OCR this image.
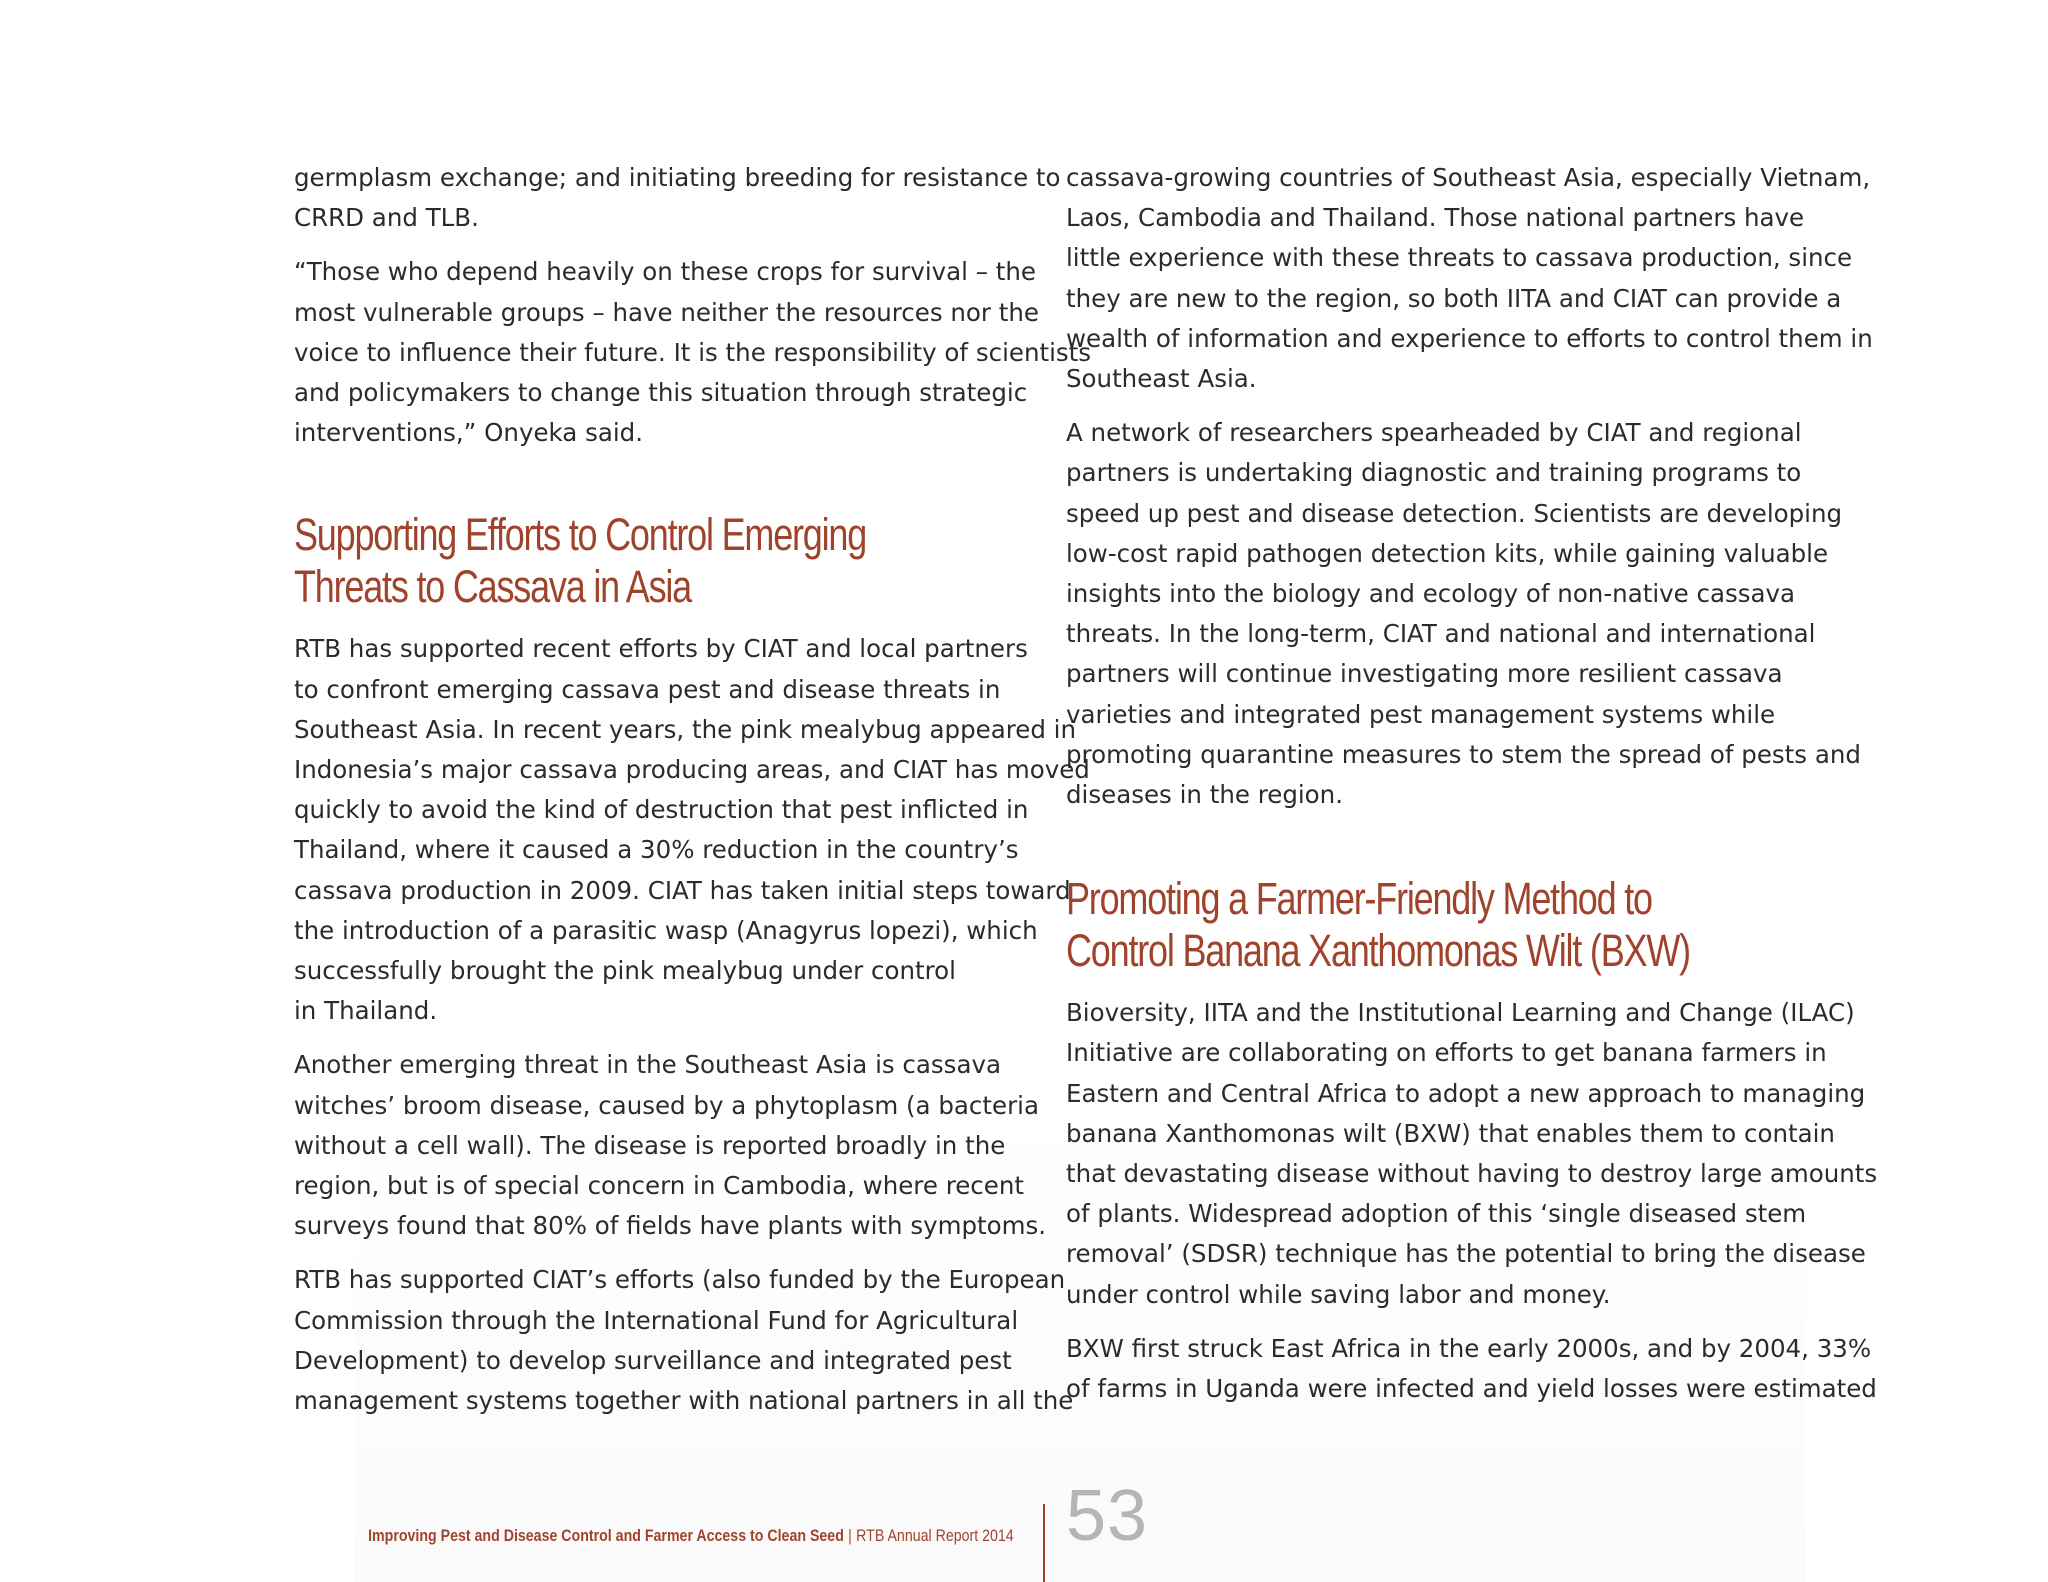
germplasm exchange; and initiating breeding for resistance to
CRRD and TLB.

“Those who depend heavily on these crops for survival – the
most vulnerable groups – have neither the resources nor the
voice to influence their future. It is the responsibility of scientists
and policymakers to change this situation through strategic
interventions,” Onyeka said.

Supporting Efforts to Control Emerging
Threats to Cassava in Asia

RTB has supported recent efforts by CIAT and local partners
to confront emerging cassava pest and disease threats in
Southeast Asia. In recent years, the pink mealybug appeared in
Indonesia’s major cassava producing areas, and CIAT has moved
quickly to avoid the kind of destruction that pest inflicted in
Thailand, where it caused a 30% reduction in the country’s
cassava production in 2009. CIAT has taken initial steps toward
the introduction of a parasitic wasp (Anagyrus lopezi), which
successfully brought the pink mealybug under control
in Thailand.

Another emerging threat in the Southeast Asia is cassava
witches’ broom disease, caused by a phytoplasm (a bacteria
without a cell wall). The disease is reported broadly in the
region, but is of special concern in Cambodia, where recent
surveys found that 80% of fields have plants with symptoms.

RTB has supported CIAT’s efforts (also funded by the European
Commission through the International Fund for Agricultural
Development) to develop surveillance and integrated pest
management systems together with national partners in all the

cassava-growing countries of Southeast Asia, especially Vietnam,
Laos, Cambodia and Thailand. Those national partners have
little experience with these threats to cassava production, since
they are new to the region, so both IITA and CIAT can provide a
wealth of information and experience to efforts to control them in
Southeast Asia.

A network of researchers spearheaded by CIAT and regional
partners is undertaking diagnostic and training programs to
speed up pest and disease detection. Scientists are developing
low-cost rapid pathogen detection kits, while gaining valuable
insights into the biology and ecology of non-native cassava
threats. In the long-term, CIAT and national and international
partners will continue investigating more resilient cassava
varieties and integrated pest management systems while
promoting quarantine measures to stem the spread of pests and
diseases in the region.

Promoting a Farmer-Friendly Method to
Control Banana Xanthomonas Wilt (BXW)

Bioversity, IITA and the Institutional Learning and Change (ILAC)
Initiative are collaborating on efforts to get banana farmers in
Eastern and Central Africa to adopt a new approach to managing
banana Xanthomonas wilt (BXW) that enables them to contain
that devastating disease without having to destroy large amounts
of plants. Widespread adoption of this ‘single diseased stem
removal’ (SDSR) technique has the potential to bring the disease
under control while saving labor and money.

BXW first struck East Africa in the early 2000s, and by 2004, 33%
of farms in Uganda were infected and yield losses were estimated

Improving Pest and Disease Control and Farmer Access to Clean Seed | RTB Annual Report 2014 53
